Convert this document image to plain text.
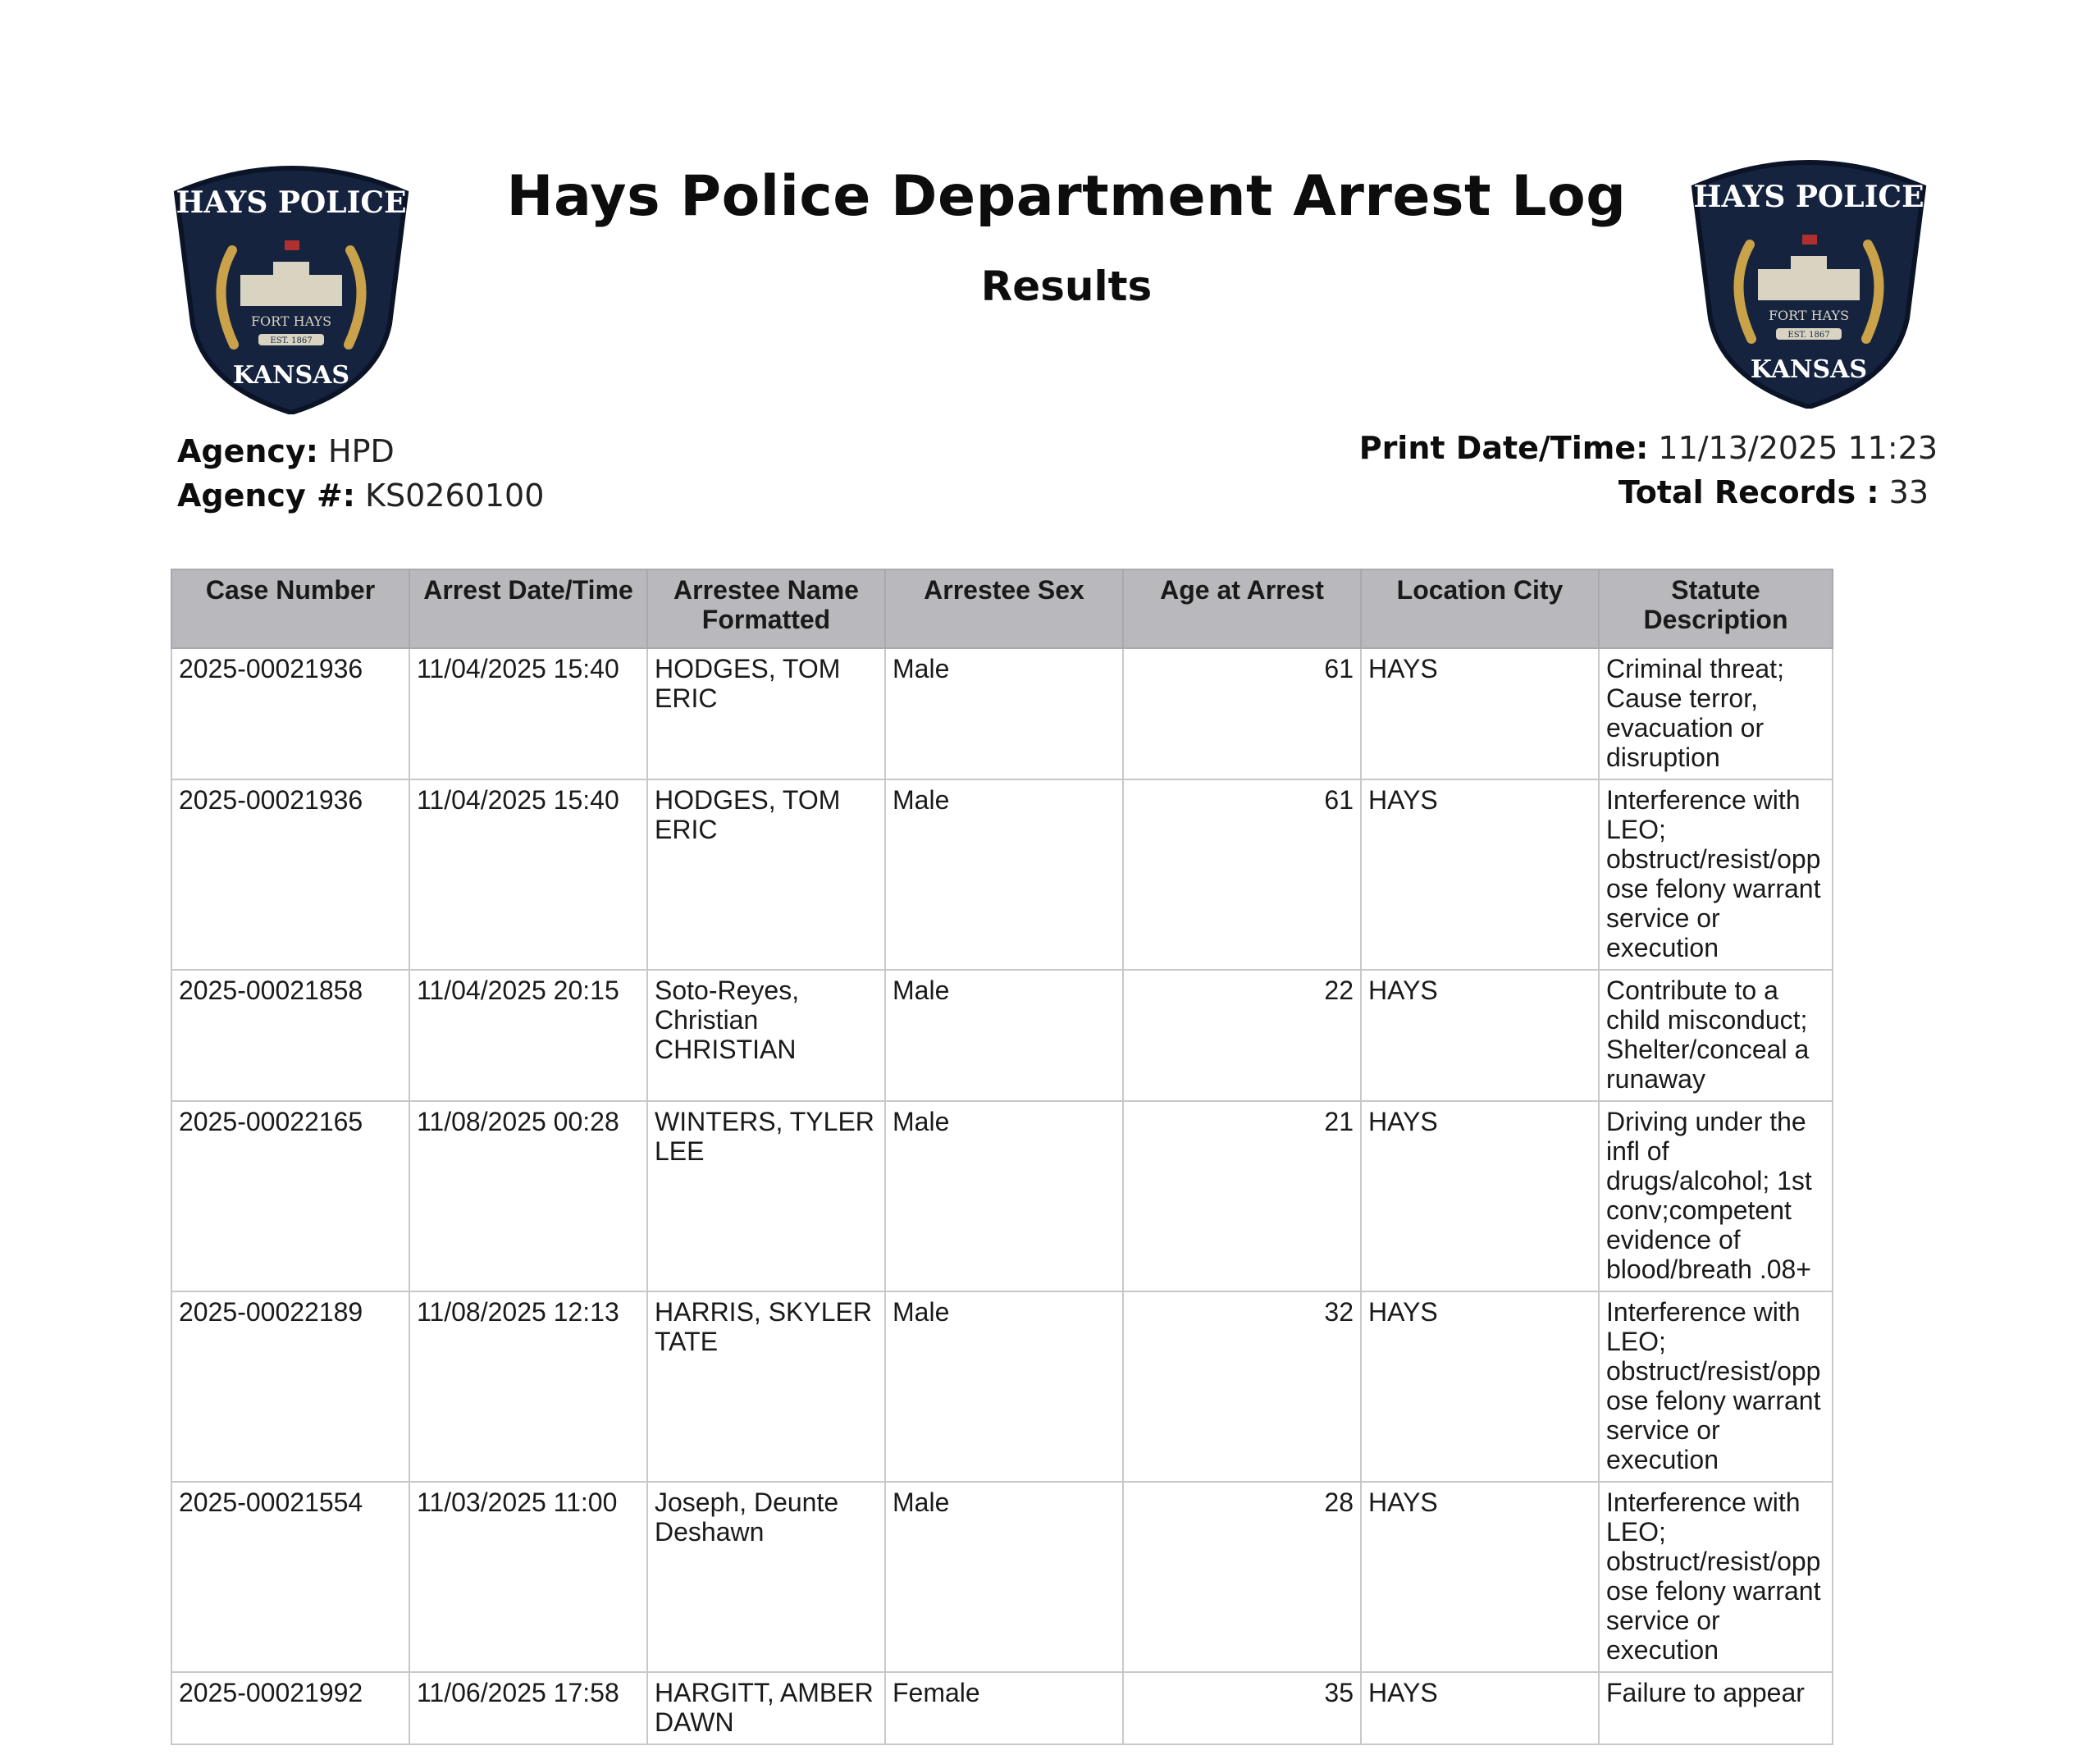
HAYS POLICE
FORT HAYS
EST. 1867
KANSAS
HAYS POLICE
FORT HAYS
EST. 1867
KANSAS
Hays Police Department Arrest Log
Results
Agency: HPD
Agency #: KS0260100
Print Date/Time: 11/13/2025 11:23
Total Records : 33
Case Number	Arrest Date/Time	Arrestee Name Formatted	Arrestee Sex	Age at Arrest	Location City	Statute Description
2025-00021936	11/04/2025 15:40	HODGES, TOM ERIC	Male	61	HAYS	Criminal threat; Cause terror, evacuation or disruption
2025-00021936	11/04/2025 15:40	HODGES, TOM ERIC	Male	61	HAYS	Interference with LEO; obstruct/resist/oppose felony warrant service or execution
2025-00021858	11/04/2025 20:15	Soto-Reyes, Christian CHRISTIAN	Male	22	HAYS	Contribute to a child misconduct; Shelter/conceal a runaway
2025-00022165	11/08/2025 00:28	WINTERS, TYLER LEE	Male	21	HAYS	Driving under the infl of drugs/alcohol; 1st conv;competent evidence of blood/breath .08+
2025-00022189	11/08/2025 12:13	HARRIS, SKYLER TATE	Male	32	HAYS	Interference with LEO; obstruct/resist/oppose felony warrant service or execution
2025-00021554	11/03/2025 11:00	Joseph, Deunte Deshawn	Male	28	HAYS	Interference with LEO; obstruct/resist/oppose felony warrant service or execution
2025-00021992	11/06/2025 17:58	HARGITT, AMBER DAWN	Female	35	HAYS	Failure to appear
